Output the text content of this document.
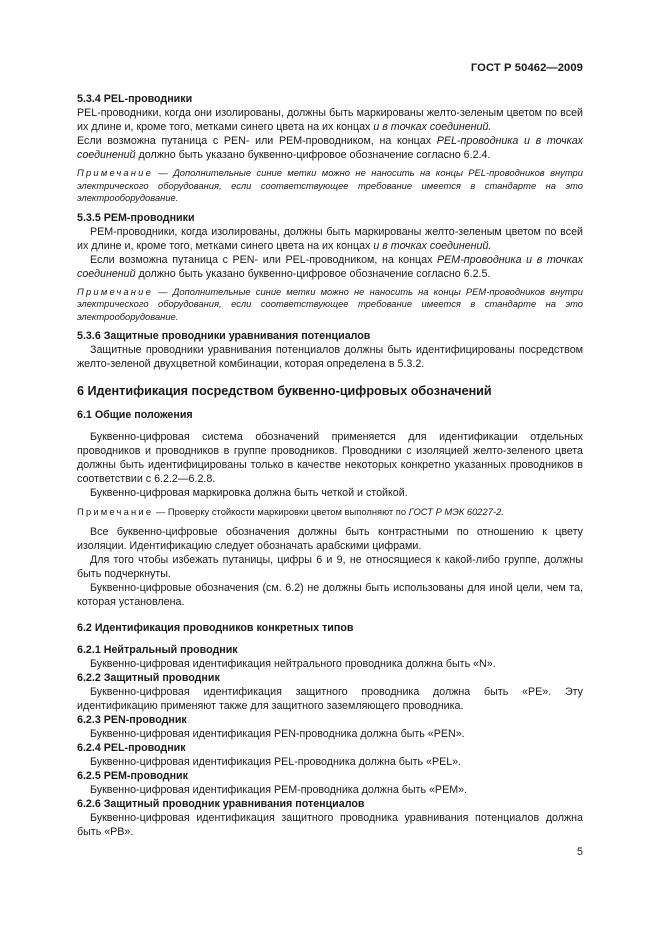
ГОСТ Р 50462—2009

5.3.4 PEL-проводники

PEL-проводники, когда они изолированы, должны быть маркированы желто-зеленым цветом по всей их длине и, кроме того, метками синего цвета на их концах и в точках соединений.

Если возможна путаница с PEN- или PEM-проводником, на концах PEL-проводника и в точках соединений должно быть указано буквенно-цифровое обозначение согласно 6.2.4.

Примечание — Дополнительные синие метки можно не наносить на концы PEL-проводников внутри электрического оборудования, если соответствующее требование имеется в стандарте на это электрооборудование.

5.3.5 PEM-проводники

PEM-проводники, когда изолированы, должны быть маркированы желто-зеленым цветом по всей их длине и, кроме того, метками синего цвета на их концах и в точках соединений.

Если возможна путаница с PEN- или PEL-проводником, на концах PEM-проводника и в точках соединений должно быть указано буквенно-цифровое обозначение согласно 6.2.5.

Примечание — Дополнительные синие метки можно не наносить на концы PEM-проводников внутри электрического оборудования, если соответствующее требование имеется в стандарте на это электрооборудование.

5.3.6 Защитные проводники уравнивания потенциалов

Защитные проводники уравнивания потенциалов должны быть идентифицированы посредством желто-зеленой двухцветной комбинации, которая определена в 5.3.2.

6 Идентификация посредством буквенно-цифровых обозначений

6.1 Общие положения

Буквенно-цифровая система обозначений применяется для идентификации отдельных проводников и проводников в группе проводников. Проводники с изоляцией желто-зеленого цвета должны быть идентифицированы только в качестве некоторых конкретно указанных проводников в соответствии с 6.2.2—6.2.8.

Буквенно-цифровая маркировка должна быть четкой и стойкой.

Примечание — Проверку стойкости маркировки цветом выполняют по ГОСТ Р МЭК 60227-2.

Все буквенно-цифровые обозначения должны быть контрастными по отношению к цвету изоляции. Идентификацию следует обозначать арабскими цифрами.

Для того чтобы избежать путаницы, цифры 6 и 9, не относящиеся к какой-либо группе, должны быть подчеркнуты.

Буквенно-цифровые обозначения (см. 6.2) не должны быть использованы для иной цели, чем та, которая установлена.

6.2 Идентификация проводников конкретных типов

6.2.1 Нейтральный проводник

Буквенно-цифровая идентификация нейтрального проводника должна быть «N».

6.2.2 Защитный проводник

Буквенно-цифровая идентификация защитного проводника должна быть «PE». Эту идентификацию применяют также для защитного заземляющего проводника.

6.2.3 PEN-проводник

Буквенно-цифровая идентификация PEN-проводника должна быть «PEN».

6.2.4 PEL-проводник

Буквенно-цифровая идентификация PEL-проводника должна быть «PEL».

6.2.5 PEM-проводник

Буквенно-цифровая идентификация PEM-проводника должна быть «PEM».

6.2.6 Защитный проводник уравнивания потенциалов

Буквенно-цифровая идентификация защитного проводника уравнивания потенциалов должна быть «PB».

5
